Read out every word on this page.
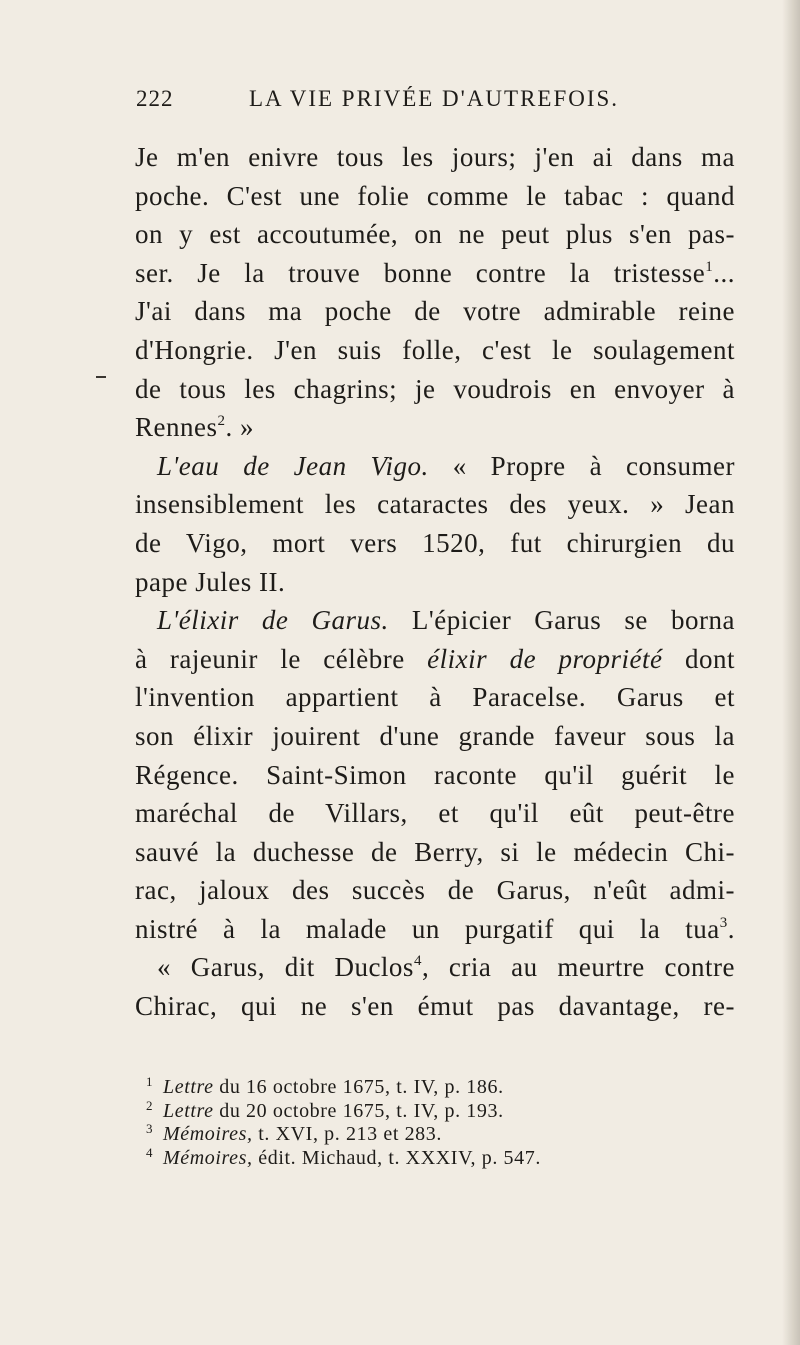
222	LA VIE PRIVÉE D'AUTREFOIS.
Je m'en enivre tous les jours; j'en ai dans ma
poche. C'est une folie comme le tabac : quand
on y est accoutumée, on ne peut plus s'en pas-
ser. Je la trouve bonne contre la tristesse$^1$...
J'ai dans ma poche de votre admirable reine
d'Hongrie. J'en suis folle, c'est le soulagement
de tous les chagrins; je voudrois en envoyer à
Rennes$^2$. »
L'eau de Jean Vigo. « Propre à consumer
insensiblement les cataractes des yeux. » Jean
de Vigo, mort vers 1520, fut chirurgien du
pape Jules II.
L'élixir de Garus. L'épicier Garus se borna
à rajeunir le célèbre élixir de propriété dont
l'invention appartient à Paracelse. Garus et
son élixir jouirent d'une grande faveur sous la
Régence. Saint-Simon raconte qu'il guérit le
maréchal de Villars, et qu'il eût peut-être
sauvé la duchesse de Berry, si le médecin Chi-
rac, jaloux des succès de Garus, n'eût admi-
nistré à la malade un purgatif qui la tua$^3$.
« Garus, dit Duclos$^4$, cria au meurtre contre
Chirac, qui ne s'en émut pas davantage, re-
1 Lettre du 16 octobre 1675, t. IV, p. 186.
2 Lettre du 20 octobre 1675, t. IV, p. 193.
3 Mémoires, t. XVI, p. 213 et 283.
4 Mémoires, édit. Michaud, t. XXXIV, p. 547.
